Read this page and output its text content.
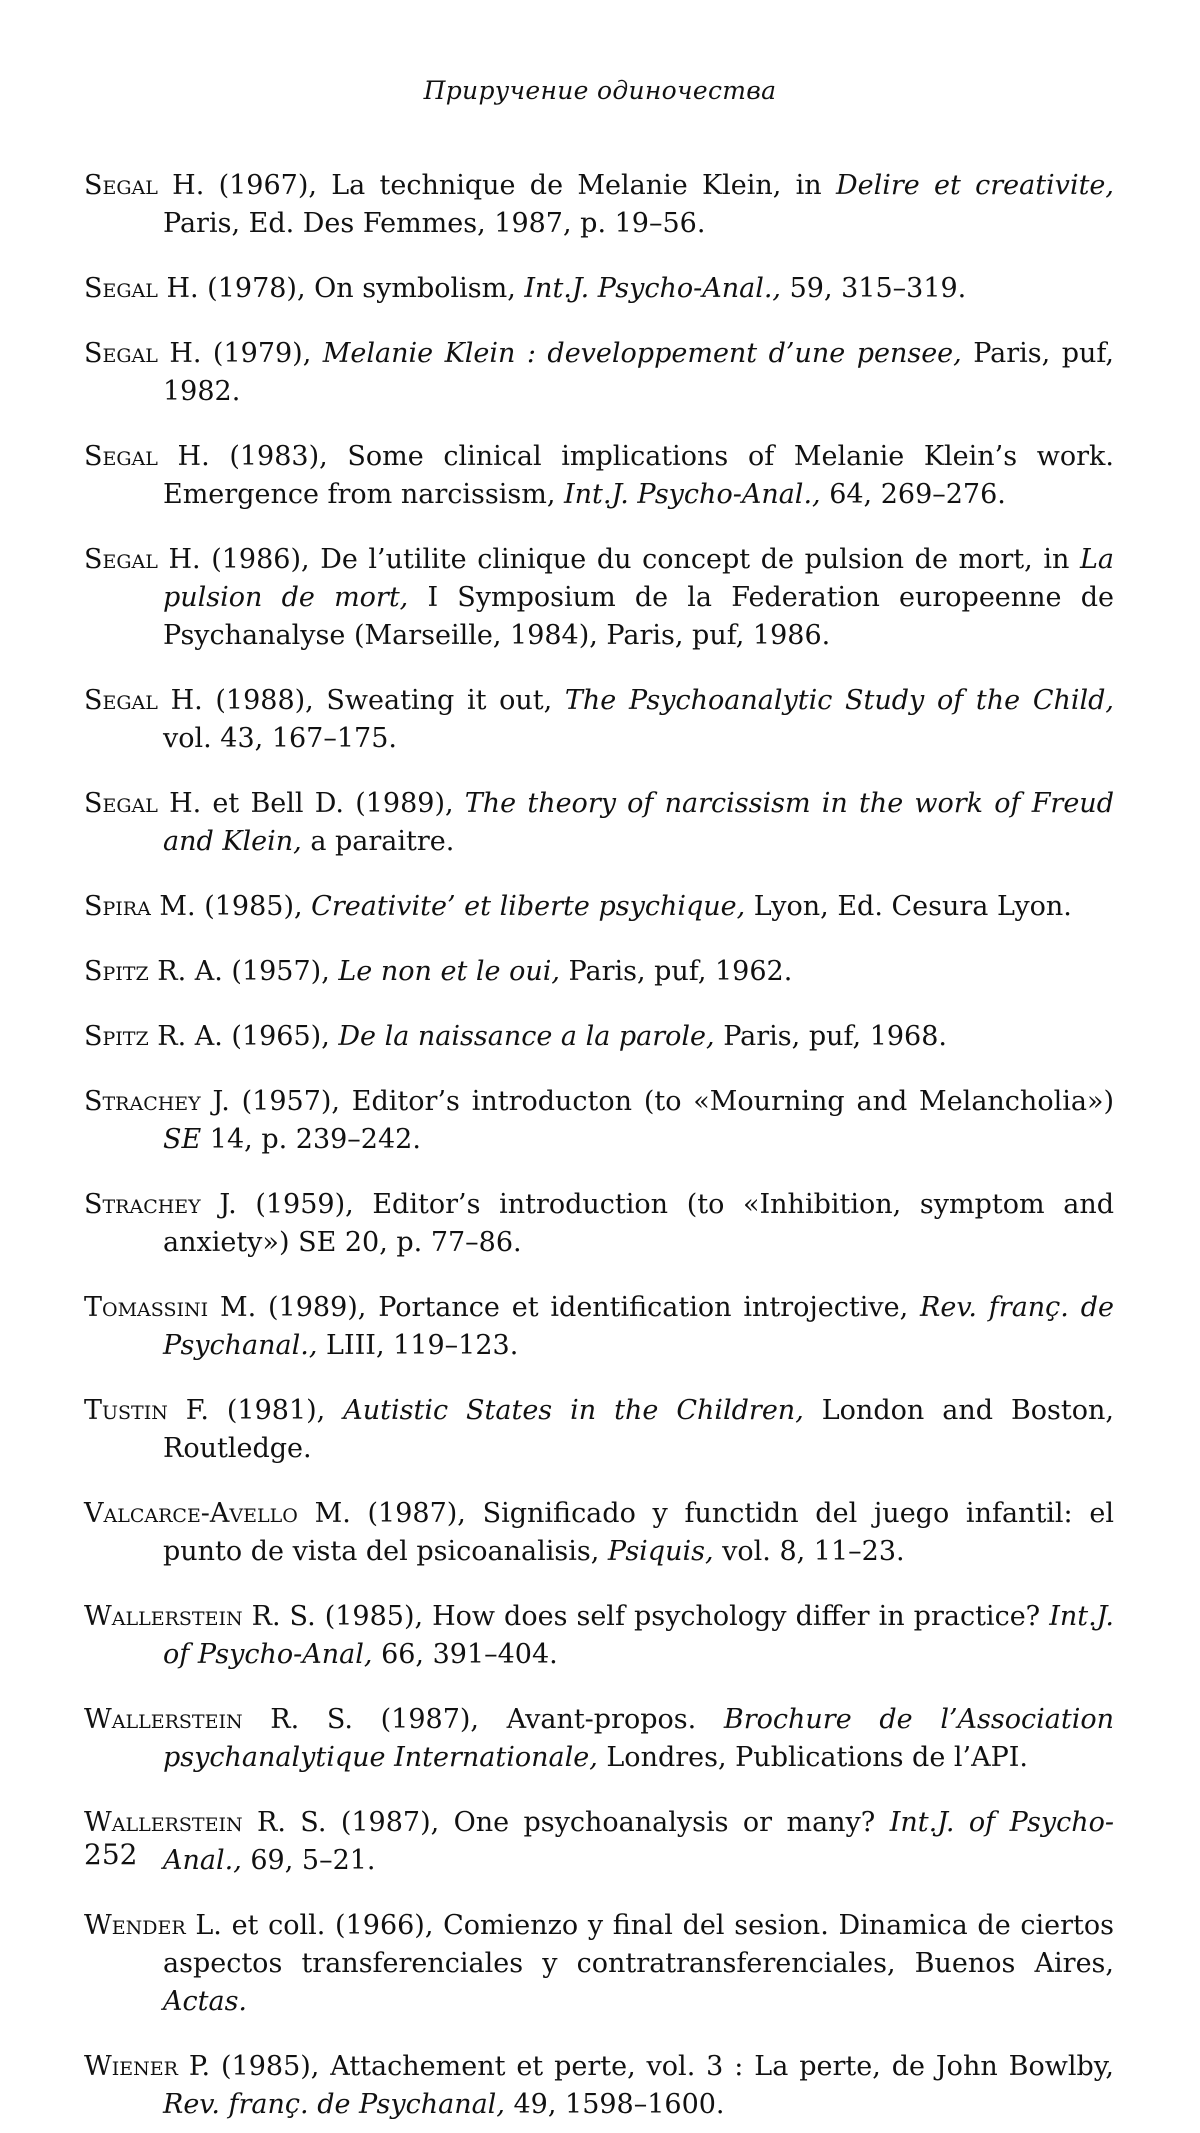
Приручение одиночества

Segal H. (1967), La technique de Melanie Klein, in Delire et creativite, Paris, Ed. Des Femmes, 1987, p. 19–56.

Segal H. (1978), On symbolism, Int.J. Psycho-Anal., 59, 315–319.

Segal H. (1979), Melanie Klein : developpement d’une pensee, Paris, puf, 1982.

Segal H. (1983), Some clinical implications of Melanie Klein’s work. Emergence from narcissism, Int.J. Psycho-Anal., 64, 269–276.

Segal H. (1986), De l’utilite clinique du concept de pulsion de mort, in La pulsion de mort, I Symposium de la Federation europeenne de Psychanalyse (Marseille, 1984), Paris, puf, 1986.

Segal H. (1988), Sweating it out, The Psychoanalytic Study of the Child, vol. 43, 167–175.

Segal H. et Bell D. (1989), The theory of narcissism in the work of Freud and Klein, a paraitre.

Spira M. (1985), Creativite’ et liberte psychique, Lyon, Ed. Cesura Lyon.

Spitz R. A. (1957), Le non et le oui, Paris, puf, 1962.

Spitz R. A. (1965), De la naissance a la parole, Paris, puf, 1968.

Strachey J. (1957), Editor’s introducton (to «Mourning and Melancholia») SE 14, p. 239–242.

Strachey J. (1959), Editor’s introduction (to «Inhibition, symptom and anxiety») SE 20, p. 77–86.

Tomassini M. (1989), Portance et identification introjective, Rev. franç. de Psychanal., LIII, 119–123.

Tustin F. (1981), Autistic States in the Children, London and Boston, Routledge.

Valcarce-Avello M. (1987), Significado y functidn del juego infantil: el punto de vista del psicoanalisis, Psiquis, vol. 8, 11–23.

Wallerstein R. S. (1985), How does self psychology differ in practice? Int.J. of Psycho-Anal, 66, 391–404.

Wallerstein R. S. (1987), Avant-propos. Brochure de l’Association psychanalytique Internationale, Londres, Publications de l’API.

Wallerstein R. S. (1987), One psychoanalysis or many? Int.J. of Psycho-Anal., 69, 5–21.

Wender L. et coll. (1966), Comienzo y final del sesion. Dinamica de ciertos aspectos transferenciales y contratransferenciales, Buenos Aires, Actas.

Wiener P. (1985), Attachement et perte, vol. 3 : La perte, de John Bowlby, Rev. franç. de Psychanal, 49, 1598–1600.

252
